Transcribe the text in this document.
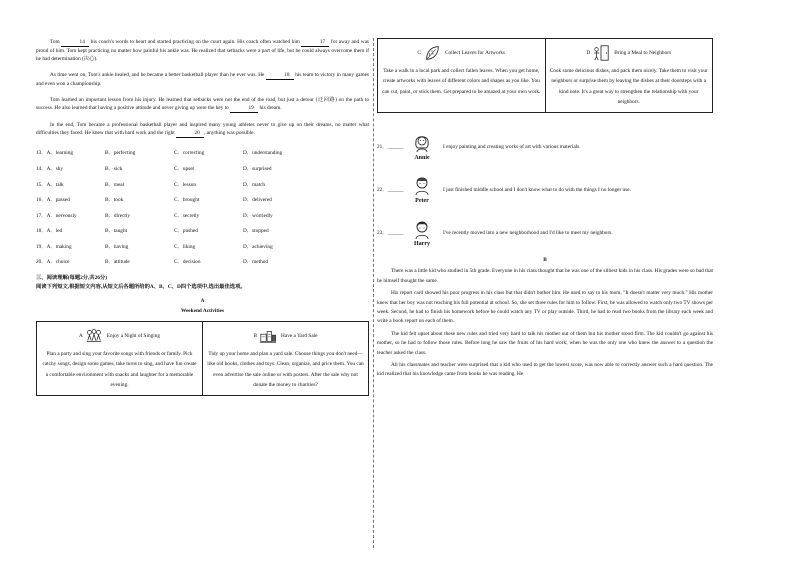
Tom	14 his coach's words to heart and started practicing on the court again. His coach often watched him	17 for away and was proud of him. Tom kept practicing no matter how painful his ankle was. He realized that setbacks were a part of life, but he could always overcome them if he had determination (决心).

As time went on, Tom's ankle healed, and he became a better basketball player than he ever was. He	18 his team to victory in many games and even won a championship.

Tom learned an important lesson from his injury. He learned that setbacks were not the end of the road, but just a detour (迂回路) on the path to success. He also learned that having a positive attitude and never giving up were the key to	19 his dream.

In the end, Tom became a professional basketball player and inspired many young athletes never to give up on their dreams, no matter what difficulties they faced. He knew that with hard work and the right	20 , anything was possible.

13．A．learning	B．perfecting	C．correcting	D．understanding
14．A．shy	B．sick	C．upset	D．surprised
15．A．talk	B．meal	C．lesson	D．match
16．A．passed	B．took	C．brought	D．delivered
17．A．nervously	B．directly	C．secretly	D．worriedly
18．A．led	B．taught	C．pushed	D．stopped
19．A．making	B．having	C．liking	D．achieving
20．A．choice	B．attitude	C．decision	D．method

三、阅读理解(每题2分,共26分)

阅读下列短文,根据短文内容,从短文后各题所给的A、B、C、D四个选项中,选出最佳选项。

A

Weekend Activities

A	Enjoy a Night of Singing

Plan a party and sing your favorite songs with friends or family. Pick catchy songs, design some games, take turns to sing, and have fun create a comfortable environment with snacks and laughter for a memorable evening.

B	Have a Yard Sale

Tidy up your home and plan a yard sale. Choose things you don't need—like old books, clothes and toys. Clean, organize, and price them. You can even advertise the sale online or with posters. After the sale why not donate the money to charities?

C	Collect Leaves for Artworks

Take a walk in a local park and collect fallen leaves. When you get home, create artworks with leaves of different colors and shapes as you like. You can cut, paint, or stick them. Get prepared to be amazed at your own work.

D	Bring a Meal to Neighbors

Cook some delicious dishes, and pack them nicely. Take them to visit your neighbors or surprise them by leaving the dishes at their doorsteps with a kind note. It's a great way to strengthen the relationship with your neighbors.

21．______
Annie
I enjoy painting and creating works of art with various materials.
22．______
Peter
I just finished middle school and I don't know what to do with the things I no longer use.
23．______
Harry
I've recently moved into a new neighborhood and I'd like to meet my neighbors.

B

There was a little kid who studied in 5th grade. Everyone in his class thought that he was one of the silliest kids in his class. His grades were so bad that he himself thought the same.

His report card showed his poor progress in his class but that didn't bother him. He used to say to his mom, "It doesn't matter very much." His mother knew that her boy was not reaching his full potential at school. So, she set three rules for him to follow. First, he was allowed to watch only two TV shows per week. Second, he had to finish his homework before he could watch any TV or play outside. Third, he had to read two books from the library each week and write a book report on each of them.

The kid felt upset about these new rules and tried very hard to talk his mother out of them but his mother stood firm. The kid couldn't go against his mother, so he had to follow those rules. Before long he saw the fruits of his hard work; when he was the only one who knew the answer to a question the teacher asked the class.

All his classmates and teacher were surprised that a kid who used to get the lowest score, was now able to correctly answer such a hard question. The kid realized that his knowledge came from books he was reading. He
